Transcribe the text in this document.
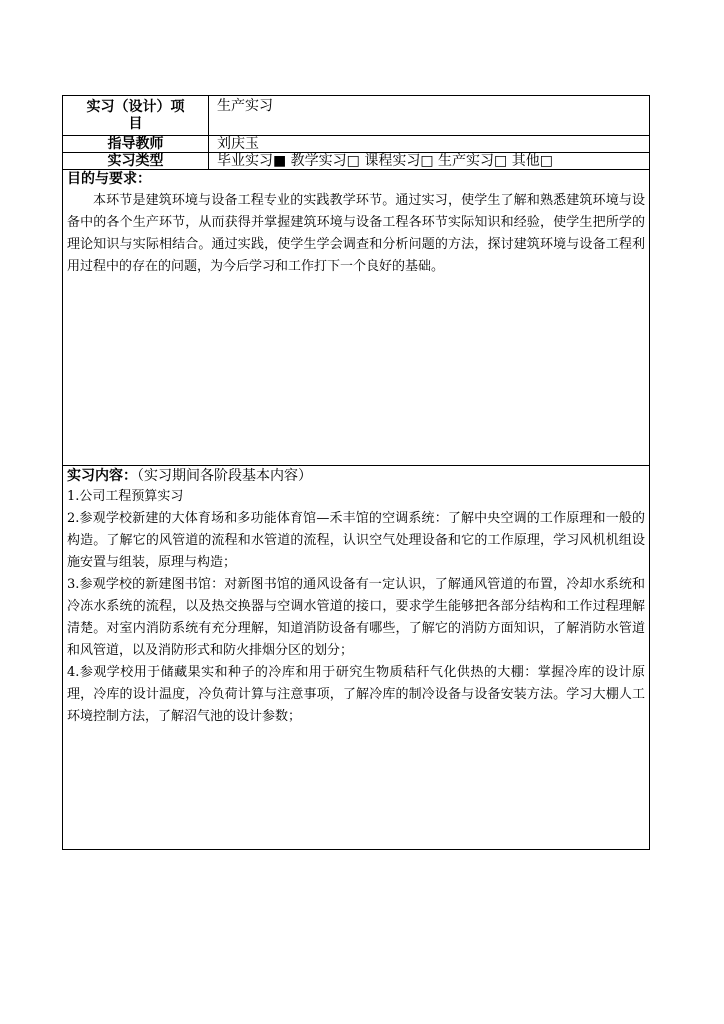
实习（设计）项目
生产实习
指导教师	刘庆玉
实习类型	毕业实习■ 教学实习□ 课程实习□ 生产实习□ 其他□
目的与要求：
本环节是建筑环境与设备工程专业的实践教学环节。通过实习，使学生了解和熟悉建筑环境与设备中的各个生产环节，从而获得并掌握建筑环境与设备工程各环节实际知识和经验，使学生把所学的理论知识与实际相结合。通过实践，使学生学会调查和分析问题的方法，探讨建筑环境与设备工程利用过程中的存在的问题，为今后学习和工作打下一个良好的基础。
实习内容：（实习期间各阶段基本内容）

1.公司工程预算实习

2.参观学校新建的大体育场和多功能体育馆—禾丰馆的空调系统：了解中央空调的工作原理和一般的构造。了解它的风管道的流程和水管道的流程，认识空气处理设备和它的工作原理，学习风机机组设施安置与组装，原理与构造；

3.参观学校的新建图书馆：对新图书馆的通风设备有一定认识，了解通风管道的布置，冷却水系统和冷冻水系统的流程，以及热交换器与空调水管道的接口，要求学生能够把各部分结构和工作过程理解清楚。对室内消防系统有充分理解，知道消防设备有哪些，了解它的消防方面知识，了解消防水管道和风管道，以及消防形式和防火排烟分区的划分；

4.参观学校用于储藏果实和种子的冷库和用于研究生物质秸秆气化供热的大棚：掌握冷库的设计原理，冷库的设计温度，冷负荷计算与注意事项，了解冷库的制冷设备与设备安装方法。学习大棚人工环境控制方法，了解沼气池的设计参数；
